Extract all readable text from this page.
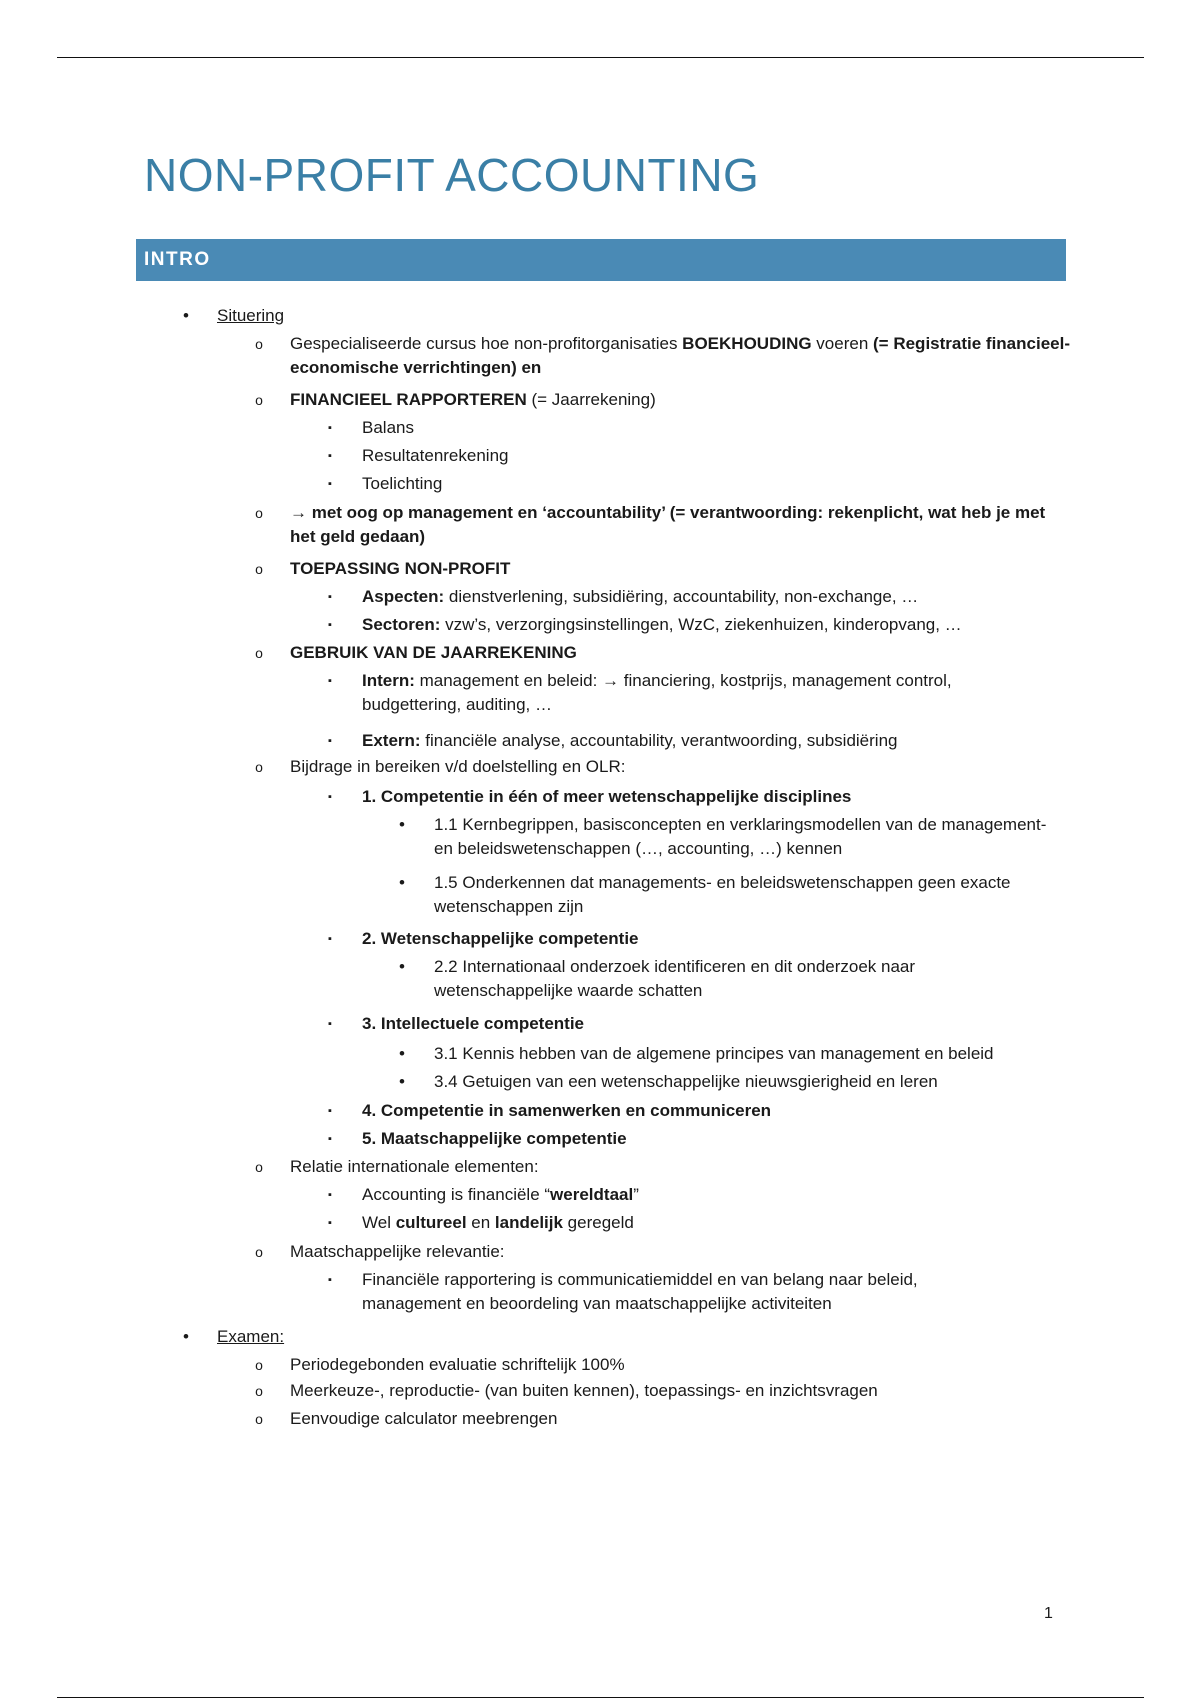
NON-PROFIT ACCOUNTING
INTRO
• Situering
o Gespecialiseerde cursus hoe non-profitorganisaties BOEKHOUDING voeren (= Registratie financieel-economische verrichtingen) en
o FINANCIEEL RAPPORTEREN (= Jaarrekening)
▪ Balans
▪ Resultatenrekening
▪ Toelichting
o → met oog op management en ‘accountability’ (= verantwoording: rekenplicht, wat heb je met het geld gedaan)
o TOEPASSING NON-PROFIT
▪ Aspecten: dienstverlening, subsidiëring, accountability, non-exchange, …
▪ Sectoren: vzw’s, verzorgingsinstellingen, WzC, ziekenhuizen, kinderopvang, …
o GEBRUIK VAN DE JAARREKENING
▪ Intern: management en beleid: → financiering, kostprijs, management control, budgettering, auditing, …
▪ Extern: financiële analyse, accountability, verantwoording, subsidiëring
o Bijdrage in bereiken v/d doelstelling en OLR:
▪ 1. Competentie in één of meer wetenschappelijke disciplines
• 1.1 Kernbegrippen, basisconcepten en verklaringsmodellen van de management- en beleidswetenschappen (…, accounting, …) kennen
• 1.5 Onderkennen dat managements- en beleidswetenschappen geen exacte wetenschappen zijn
▪ 2. Wetenschappelijke competentie
• 2.2 Internationaal onderzoek identificeren en dit onderzoek naar wetenschappelijke waarde schatten
▪ 3. Intellectuele competentie
• 3.1 Kennis hebben van de algemene principes van management en beleid
• 3.4 Getuigen van een wetenschappelijke nieuwsgierigheid en leren
▪ 4. Competentie in samenwerken en communiceren
▪ 5. Maatschappelijke competentie
o Relatie internationale elementen:
▪ Accounting is financiële “wereldtaal”
▪ Wel cultureel en landelijk geregeld
o Maatschappelijke relevantie:
▪ Financiële rapportering is communicatiemiddel en van belang naar beleid, management en beoordeling van maatschappelijke activiteiten
• Examen:
o Periodegebonden evaluatie schriftelijk 100%
o Meerkeuze-, reproductie- (van buiten kennen), toepassings- en inzichtsvragen
o Eenvoudige calculator meebrengen
1
